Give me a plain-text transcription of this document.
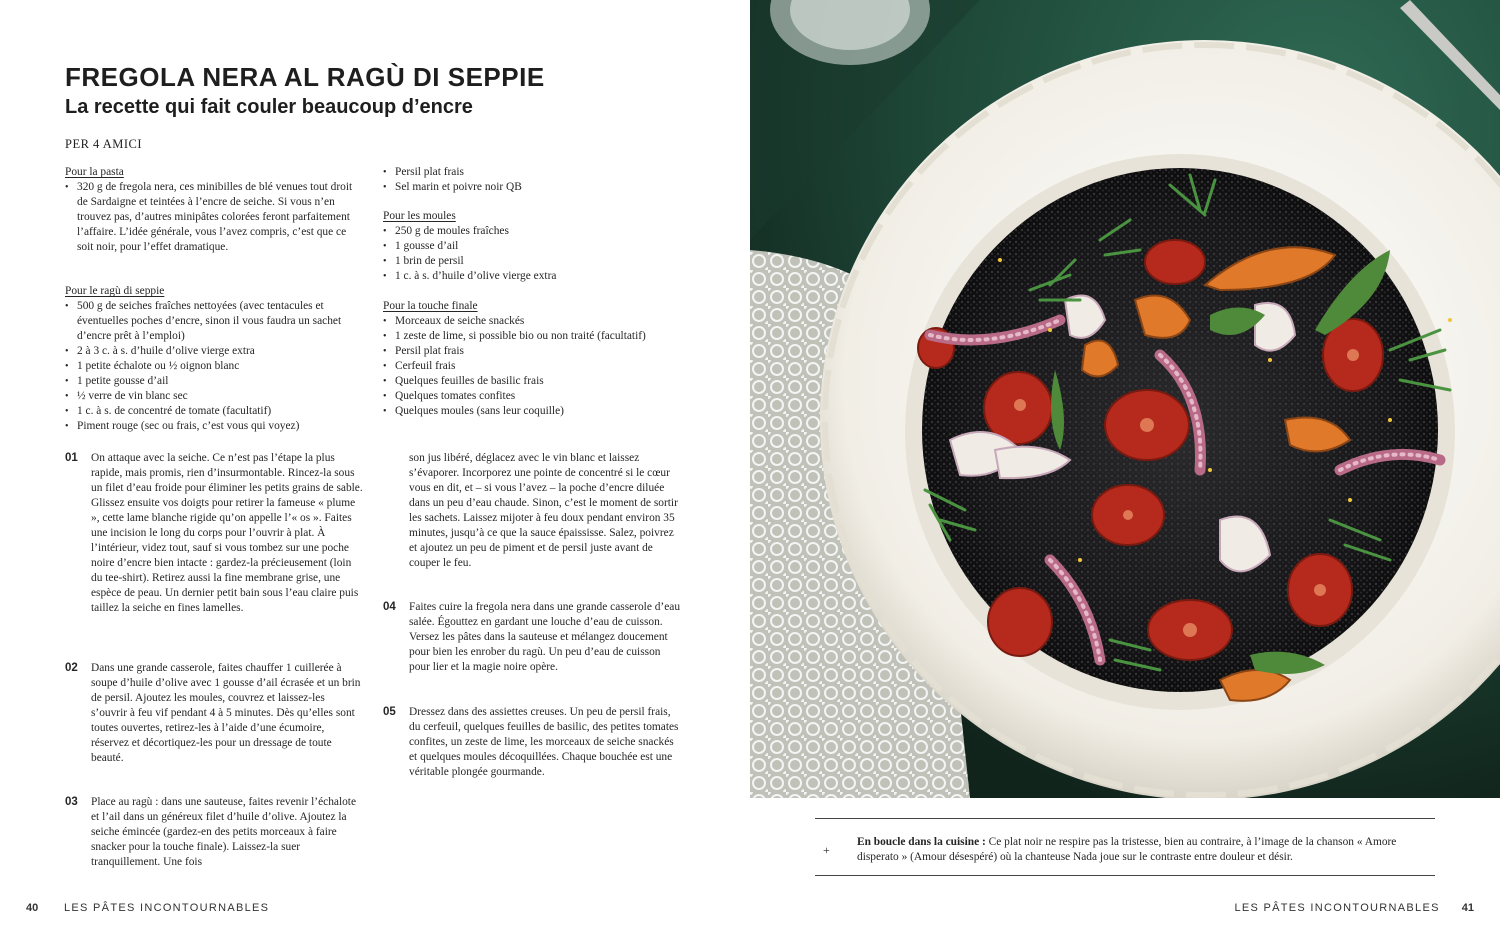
FREGOLA NERA AL RAGÙ DI SEPPIE
La recette qui fait couler beaucoup d’encre
PER 4 AMICI
Pour la pasta
• 320 g de fregola nera, ces minibilles de blé venues tout droit de Sardaigne et teintées à l’encre de seiche. Si vous n’en trouvez pas, d’autres minipâtes colorées feront parfaitement l’affaire. L’idée générale, vous l’avez compris, c’est que ce soit noir, pour l’effet dramatique.
Pour le ragù di seppie
• 500 g de seiches fraîches nettoyées (avec tentacules et éventuelles poches d’encre, sinon il vous faudra un sachet d’encre prêt à l’emploi)
• 2 à 3 c. à s. d’huile d’olive vierge extra
• 1 petite échalote ou ½ oignon blanc
• 1 petite gousse d’ail
• ½ verre de vin blanc sec
• 1 c. à s. de concentré de tomate (facultatif)
• Piment rouge (sec ou frais, c’est vous qui voyez)
• Persil plat frais
• Sel marin et poivre noir QB
Pour les moules
• 250 g de moules fraîches
• 1 gousse d’ail
• 1 brin de persil
• 1 c. à s. d’huile d’olive vierge extra
Pour la touche finale
• Morceaux de seiche snackés
• 1 zeste de lime, si possible bio ou non traité (facultatif)
• Persil plat frais
• Cerfeuil frais
• Quelques feuilles de basilic frais
• Quelques tomates confites
• Quelques moules (sans leur coquille)
01 On attaque avec la seiche. Ce n’est pas l’étape la plus rapide, mais promis, rien d’insurmontable. Rincez-la sous un filet d’eau froide pour éliminer les petits grains de sable. Glissez ensuite vos doigts pour retirer la fameuse « plume », cette lame blanche rigide qu’on appelle l’« os ». Faites une incision le long du corps pour l’ouvrir à plat. À l’intérieur, videz tout, sauf si vous tombez sur une poche noire d’encre bien intacte : gardez-la précieusement (loin du tee-shirt). Retirez aussi la fine membrane grise, une espèce de peau. Un dernier petit bain sous l’eau claire puis taillez la seiche en fines lamelles.
02 Dans une grande casserole, faites chauffer 1 cuillerée à soupe d’huile d’olive avec 1 gousse d’ail écrasée et un brin de persil. Ajoutez les moules, couvrez et laissez-les s’ouvrir à feu vif pendant 4 à 5 minutes. Dès qu’elles sont toutes ouvertes, retirez-les à l’aide d’une écumoire, réservez et décortiquez-les pour un dressage de toute beauté.
03 Place au ragù : dans une sauteuse, faites revenir l’échalote et l’ail dans un généreux filet d’huile d’olive. Ajoutez la seiche émincée (gardez-en des petits morceaux à faire snacker pour la touche finale). Laissez-la suer tranquillement. Une fois
son jus libéré, déglacez avec le vin blanc et laissez s’évaporer. Incorporez une pointe de concentré si le cœur vous en dit, et – si vous l’avez – la poche d’encre diluée dans un peu d’eau chaude. Sinon, c’est le moment de sortir les sachets. Laissez mijoter à feu doux pendant environ 35 minutes, jusqu’à ce que la sauce épaississe. Salez, poivrez et ajoutez un peu de piment et de persil juste avant de couper le feu.
04 Faites cuire la fregola nera dans une grande casserole d’eau salée. Égouttez en gardant une louche d’eau de cuisson. Versez les pâtes dans la sauteuse et mélangez doucement pour bien les enrober du ragù. Un peu d’eau de cuisson pour lier et la magie noire opère.
05 Dressez dans des assiettes creuses. Un peu de persil frais, du cerfeuil, quelques feuilles de basilic, des petites tomates confites, un zeste de lime, les morceaux de seiche snackés et quelques moules décoquillées. Chaque bouchée est une véritable plongée gourmande.
40 LES PÂTES INCONTOURNABLES
+
En boucle dans la cuisine : Ce plat noir ne respire pas la tristesse, bien au contraire, à l’image de la chanson « Amore disperato » (Amour désespéré) où la chanteuse Nada joue sur le contraste entre douleur et désir.
LES PÂTES INCONTOURNABLES 41
